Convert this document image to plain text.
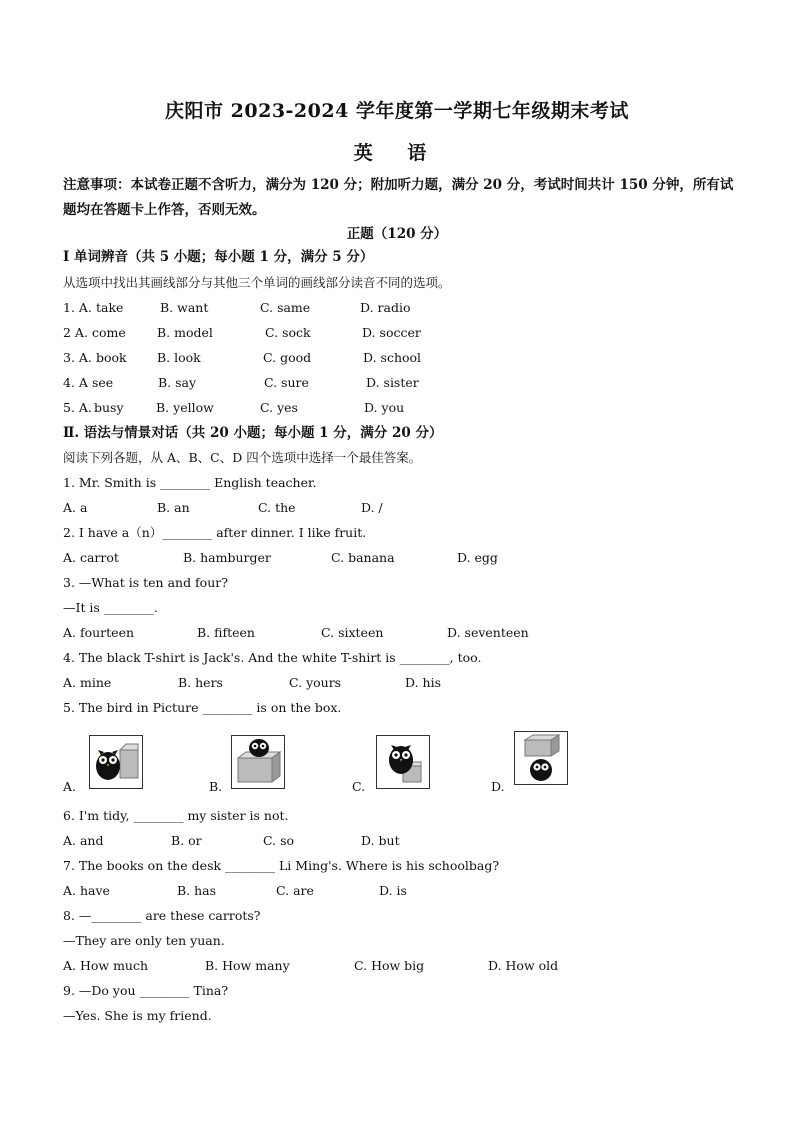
庆阳市 2023-2024 学年度第一学期七年级期末考试
英 语
注意事项：本试卷正题不含听力，满分为 120 分；附加听力题，满分 20 分，考试时间共计 150 分钟，所有试题均在答题卡上作答，否则无效。
正题（120 分）
Ⅰ 单词辨音（共 5 小题；每小题 1 分，满分 5 分）
从选项中找出其画线部分与其他三个单词的画线部分读音不同的选项。
1. A. take	B. want	C. same	D. radio
2 A. come B. model	C. sock	D. soccer
3. A. book B. look	C. good	D. school
4. A see	B. say	C. sure	D. sister
5. A. busy	B. yellow	C. yes	D. you
Ⅱ. 语法与情景对话（共 20 小题；每小题 1 分，满分 20 分）
阅读下列各题，从 A、B、C、D 四个选项中选择一个最佳答案。
1. Mr. Smith is ________ English teacher.
A. a	B. an	C. the	D. /
2. I have a（n）________ after dinner. I like fruit.
A. carrot	B. hamburger	C. banana	D. egg
3. —What is ten and four?
—It is ________.
A. fourteen	B. fifteen	C. sixteen	D. seventeen
4. The black T-shirt is Jack's. And the white T-shirt is ________, too.
A. mine	B. hers	C. yours	D. his
5. The bird in Picture ________ is on the box.
A.	B.	C.	D.
6. I'm tidy, ________ my sister is not.
A. and	B. or	C. so	D. but
7. The books on the desk ________ Li Ming's. Where is his schoolbag?
A. have	B. has	C. are	D. is
8. —________ are these carrots?
—They are only ten yuan.
A. How much	B. How many	C. How big	D. How old
9. —Do you ________ Tina?
—Yes. She is my friend.
